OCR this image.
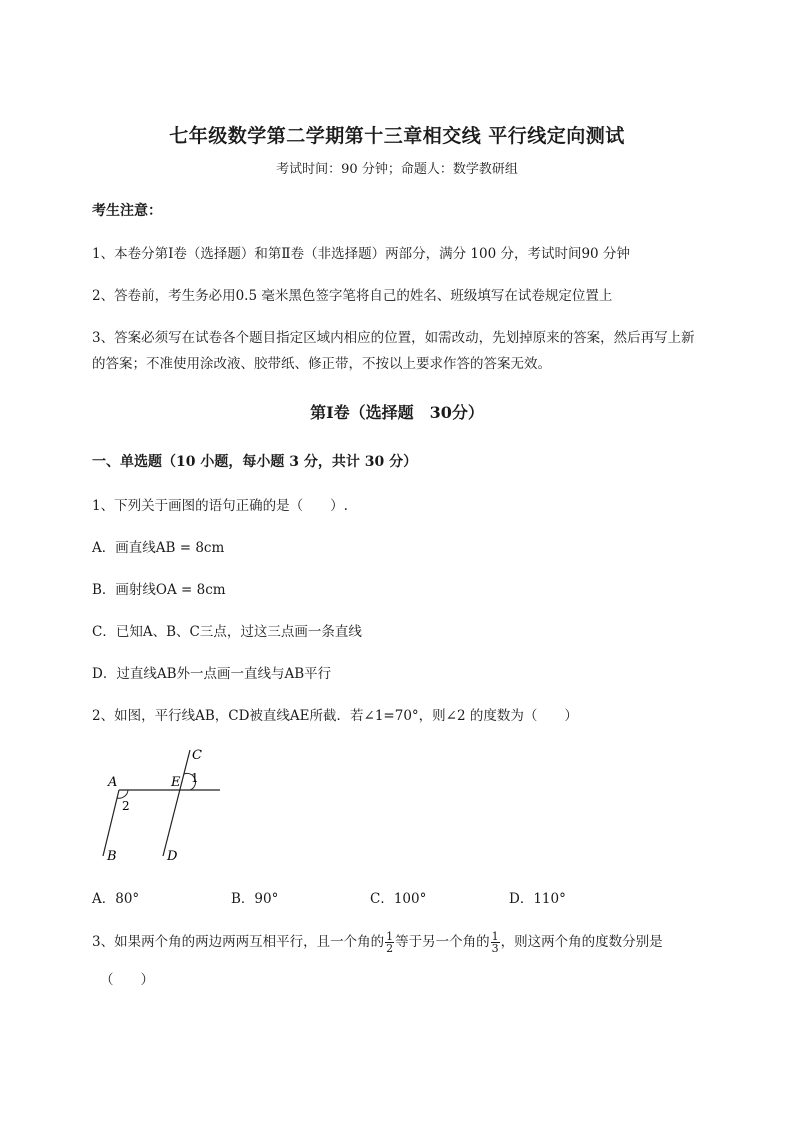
七年级数学第二学期第十三章相交线 平行线定向测试
考试时间：90 分钟；命题人：数学教研组
考生注意：
1、本卷分第Ⅰ卷（选择题）和第Ⅱ卷（非选择题）两部分，满分 100 分，考试时间90 分钟
2、答卷前，考生务必用0.5 毫米黑色签字笔将自己的姓名、班级填写在试卷规定位置上
3、答案必须写在试卷各个题目指定区域内相应的位置，如需改动，先划掉原来的答案，然后再写上新
的答案；不准使用涂改液、胶带纸、修正带，不按以上要求作答的答案无效。
第Ⅰ卷（选择题　30分）
一、单选题（10 小题，每小题 3 分，共计 30 分）
1、下列关于画图的语句正确的是（　　）.
A．画直线AB = 8cm
B．画射线OA = 8cm
C．已知A、B、C三点，过这三点画一条直线
D．过直线AB外一点画一直线与AB平行
2、如图，平行线AB，CD被直线AE所截．若∠1=70°，则∠2 的度数为（　　）
A
B
C
D
E 1
2
A．80°	B．90°	C．100°	D．110°
3、如果两个角的两边两两互相平行，且一个角的 $\frac{1}{2}$ 等于另一个角的 $\frac{1}{3}$ ，则这两个角的度数分别是
（　　）
